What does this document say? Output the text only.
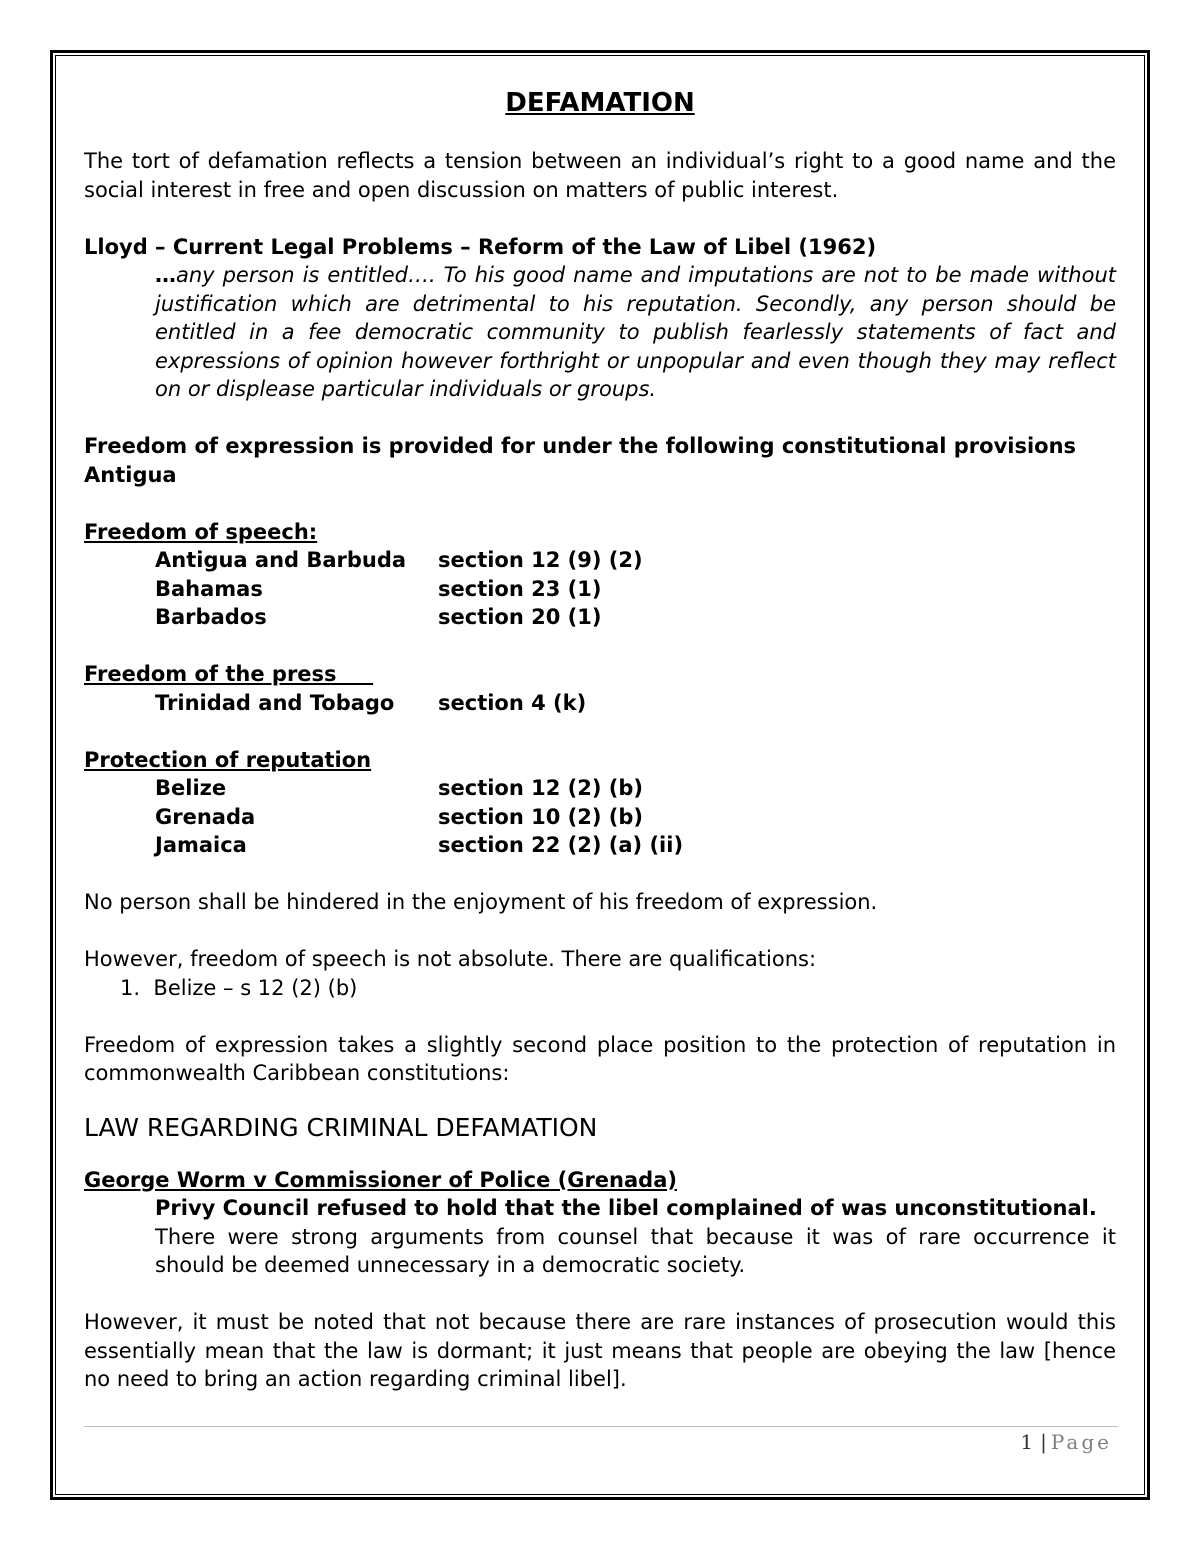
DEFAMATION

The tort of defamation reflects a tension between an individual’s right to a good name and the social interest in free and open discussion on matters of public interest.

Lloyd – Current Legal Problems – Reform of the Law of Libel (1962)

…any person is entitled…. To his good name and imputations are not to be made without justification which are detrimental to his reputation. Secondly, any person should be entitled in a fee democratic community to publish fearlessly statements of fact and expressions of opinion however forthright or unpopular and even though they may reflect on or displease particular individuals or groups.

Freedom of expression is provided for under the following constitutional provisions

Antigua

Freedom of speech:

Antigua and Barbuda	section 12 (9) (2)
Bahamas	section 23 (1)
Barbados	section 20 (1)

Freedom of the press

Trinidad and Tobago	section 4 (k)

Protection of reputation

Belize	section 12 (2) (b)
Grenada	section 10 (2) (b)
Jamaica	section 22 (2) (a) (ii)

No person shall be hindered in the enjoyment of his freedom of expression.

However, freedom of speech is not absolute. There are qualifications:

1. Belize – s 12 (2) (b)

Freedom of expression takes a slightly second place position to the protection of reputation in commonwealth Caribbean constitutions:

LAW REGARDING CRIMINAL DEFAMATION

George Worm v Commissioner of Police (Grenada)

Privy Council refused to hold that the libel complained of was unconstitutional.

There were strong arguments from counsel that because it was of rare occurrence it should be deemed unnecessary in a democratic society.

However, it must be noted that not because there are rare instances of prosecution would this essentially mean that the law is dormant; it just means that people are obeying the law [hence no need to bring an action regarding criminal libel].

1 | Page
